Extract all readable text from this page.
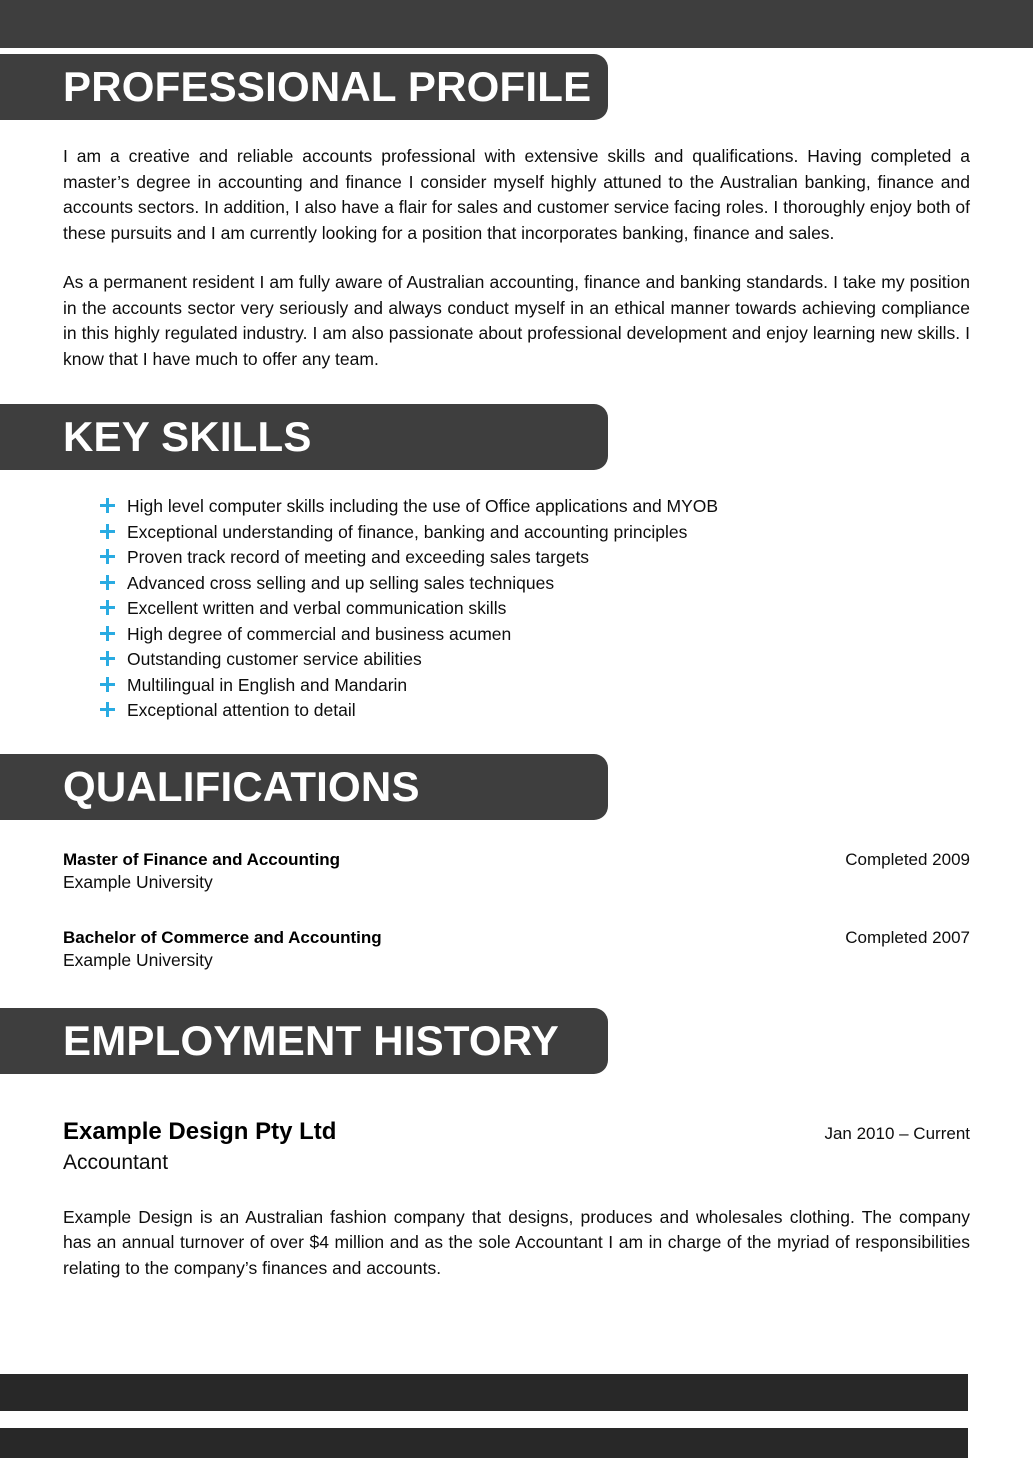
PROFESSIONAL PROFILE

I am a creative and reliable accounts professional with extensive skills and qualifications. Having completed a master’s degree in accounting and finance I consider myself highly attuned to the Australian banking, finance and accounts sectors. In addition, I also have a flair for sales and customer service facing roles. I thoroughly enjoy both of these pursuits and I am currently looking for a position that incorporates banking, finance and sales.

As a permanent resident I am fully aware of Australian accounting, finance and banking standards. I take my position in the accounts sector very seriously and always conduct myself in an ethical manner towards achieving compliance in this highly regulated industry. I am also passionate about professional development and enjoy learning new skills. I know that I have much to offer any team.

KEY SKILLS
High level computer skills including the use of Office applications and MYOB
Exceptional understanding of finance, banking and accounting principles
Proven track record of meeting and exceeding sales targets
Advanced cross selling and up selling sales techniques
Excellent written and verbal communication skills
High degree of commercial and business acumen
Outstanding customer service abilities
Multilingual in English and Mandarin
Exceptional attention to detail
QUALIFICATIONS
Master of Finance and Accounting	Completed 2009
Example University
Bachelor of Commerce and Accounting	Completed 2007
Example University
EMPLOYMENT HISTORY
Example Design Pty Ltd	Jan 2010 – Current
Accountant

Example Design is an Australian fashion company that designs, produces and wholesales clothing. The company has an annual turnover of over $4 million and as the sole Accountant I am in charge of the myriad of responsibilities relating to the company’s finances and accounts.
